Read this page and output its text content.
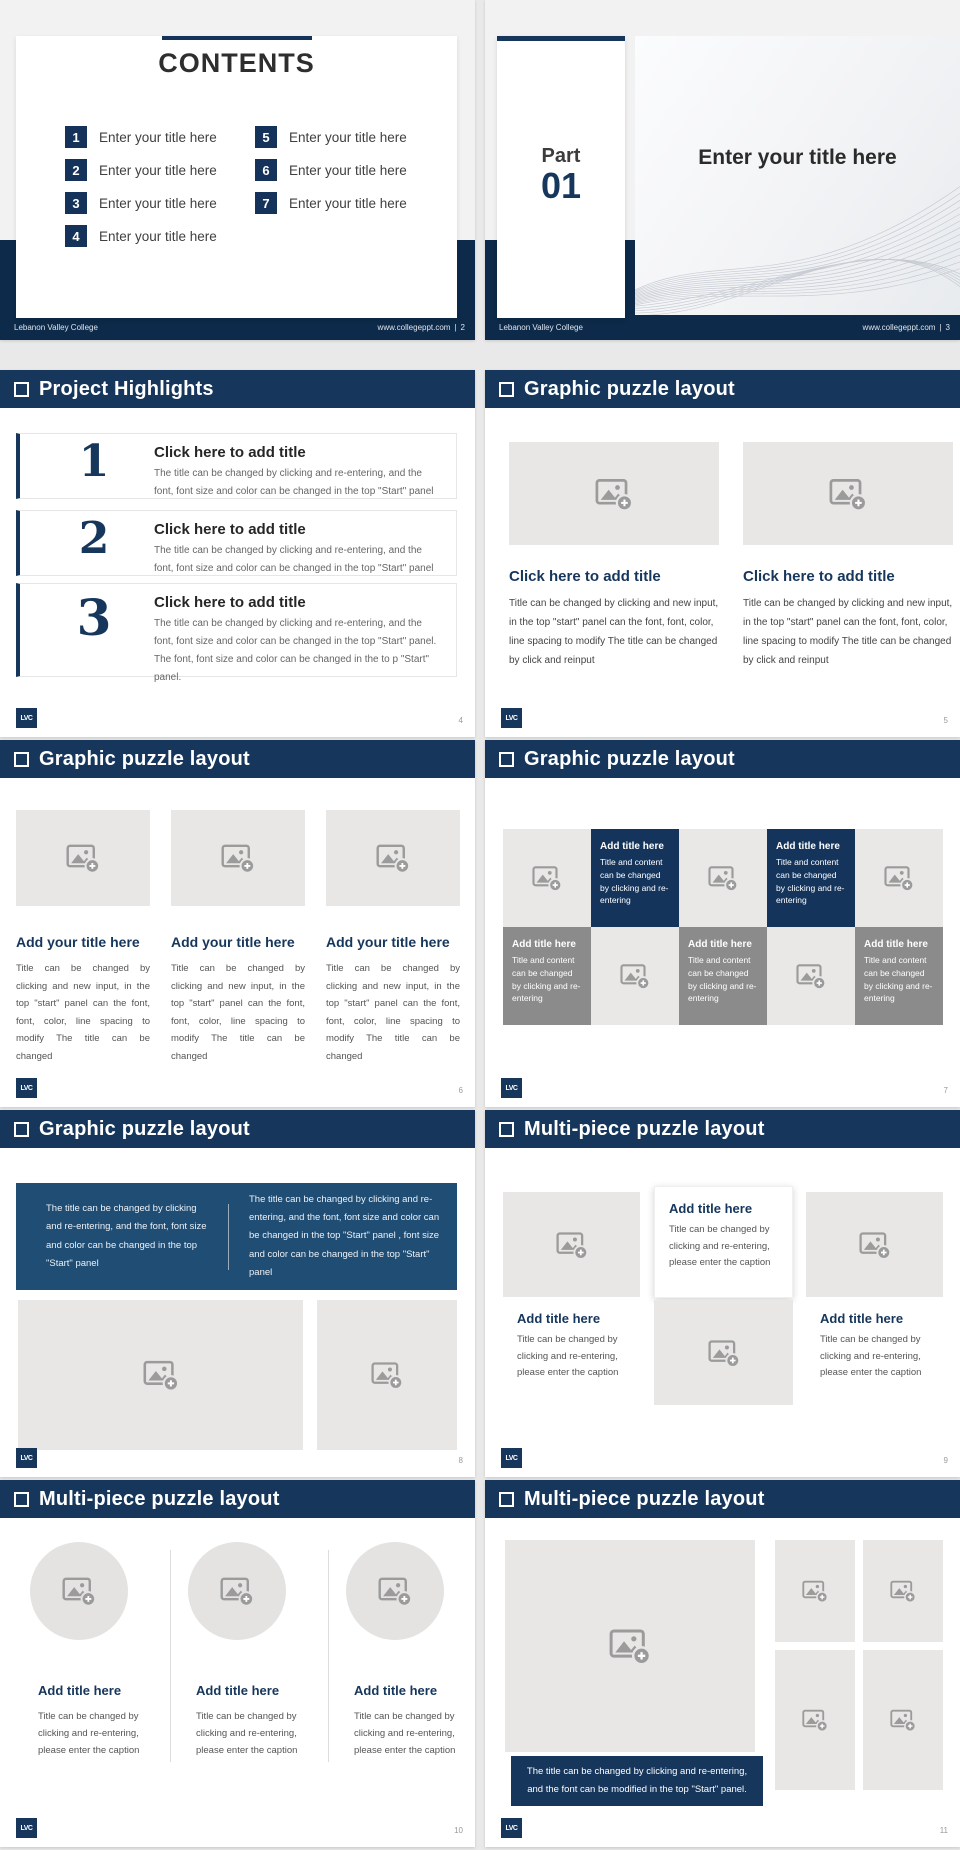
Lebanon Valley College	www.collegeppt.com | 2
CONTENTS
1	Enter your title here
2	Enter your title here
3	Enter your title here
4	Enter your title here
5	Enter your title here
6	Enter your title here
7	Enter your title here
Lebanon Valley College	www.collegeppt.com | 3
Part
01
Enter your title here
Project Highlights
1	Click here to add title
The title can be changed by clicking and re-entering, and the font, font size and color can be changed in the top "Start" panel
2	Click here to add title
The title can be changed by clicking and re-entering, and the font, font size and color can be changed in the top "Start" panel
3	Click here to add title
The title can be changed by clicking and re-entering, and the font, font size and color can be changed in the top "Start" panel. The font, font size and color can be changed in the to p "Start" panel.
LVC	4
Graphic puzzle layout
Click here to add title
Title can be changed by clicking and new input, in the top "start" panel can the font, font, color, line spacing to modify The title can be changed by click and reinput
Click here to add title
Title can be changed by clicking and new input, in the top "start" panel can the font, font, color, line spacing to modify The title can be changed by click and reinput
LVC	5
Graphic puzzle layout
Add your title here
Title can be changed by clicking and new input, in the top "start" panel can the font, font, color, line spacing to modify The title can be changed
Add your title here
Title can be changed by clicking and new input, in the top "start" panel can the font, font, color, line spacing to modify The title can be changed
Add your title here
Title can be changed by clicking and new input, in the top "start" panel can the font, font, color, line spacing to modify The title can be changed
LVC	6
Graphic puzzle layout
Add title here
Title and content can be changed by clicking and re-entering
Add title here
Title and content can be changed by clicking and re-entering
Add title here
Title and content can be changed by clicking and re-entering
Add title here
Title and content can be changed by clicking and re-entering
Add title here
Title and content can be changed by clicking and re-entering
LVC	7
Graphic puzzle layout
The title can be changed by clicking and re-entering, and the font, font size and color can be changed in the top "Start" panel
The title can be changed by clicking and re-entering, and the font, font size and color can be changed in the top "Start" panel , font size and color can be changed in the top "Start" panel
LVC	8
Multi-piece puzzle layout
Add title here
Title can be changed by clicking and re-entering, please enter the caption
Add title here
Title can be changed by clicking and re-entering, please enter the caption
Add title here
Title can be changed by clicking and re-entering, please enter the caption
LVC	9
Multi-piece puzzle layout
Add title here
Title can be changed by clicking and re-entering, please enter the caption
Add title here
Title can be changed by clicking and re-entering, please enter the caption
Add title here
Title can be changed by clicking and re-entering, please enter the caption
LVC	10
Multi-piece puzzle layout
The title can be changed by clicking and re-entering, and the font can be modified in the top "Start" panel.
LVC	11
